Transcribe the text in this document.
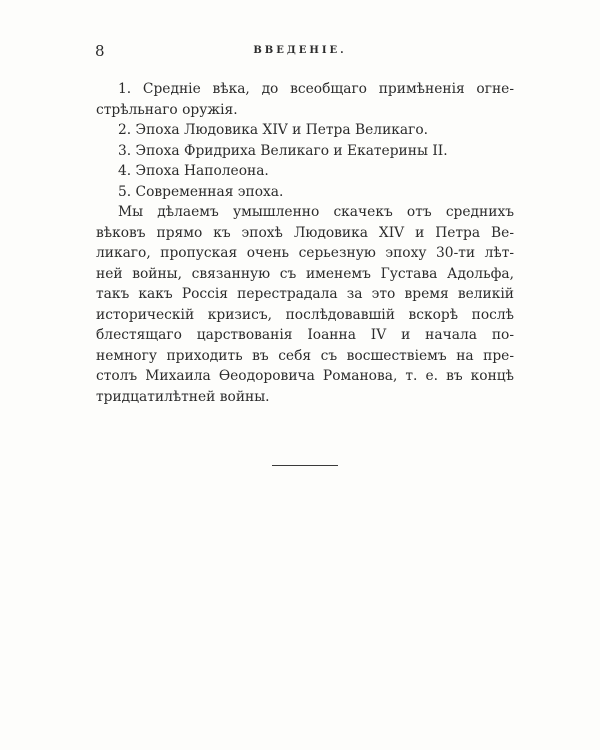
8	ВВЕДЕНІЕ.
1. Средніе вѣка, до всеобщаго примѣненія огне-
стрѣльнаго оружія.
2. Эпоха Людовика XIV и Петра Великаго.
3. Эпоха Фридриха Великаго и Екатерины II.
4. Эпоха Наполеона.
5. Современная эпоха.
Мы дѣлаемъ умышленно скачекъ отъ среднихъ
вѣковъ прямо къ эпохѣ Людовика XIV и Петра Ве-
ликаго, пропуская очень серьезную эпоху 30-ти лѣт-
ней войны, связанную съ именемъ Густава Адольфа,
такъ какъ Россія перестрадала за это время великій
историческій кризисъ, послѣдовавшій вскорѣ послѣ
блестящаго царствованія Іоанна IV и начала по-
немногу приходить въ себя съ восшествіемъ на пре-
столъ Михаила Ѳеодоровича Романова, т. е. въ концѣ
тридцатилѣтней войны.
